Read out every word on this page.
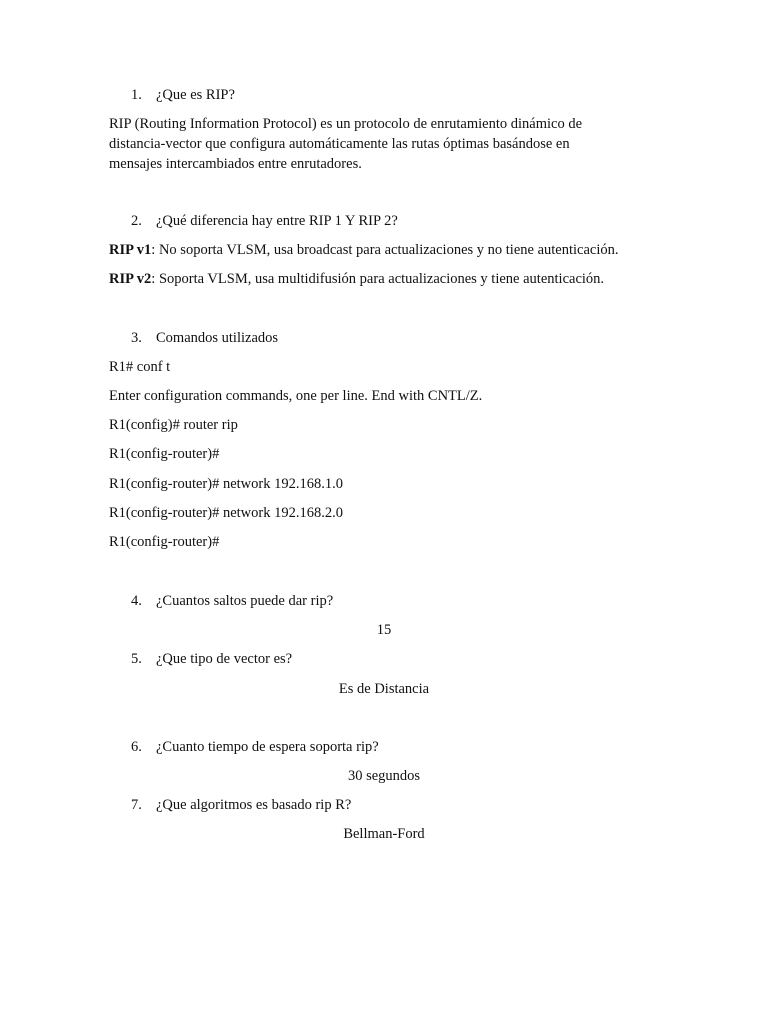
1. ¿Que es RIP?
RIP (Routing Information Protocol) es un protocolo de enrutamiento dinámico de
distancia-vector que configura automáticamente las rutas óptimas basándose en
mensajes intercambiados entre enrutadores.
2. ¿Qué diferencia hay entre RIP 1 Y RIP 2?
RIP v1: No soporta VLSM, usa broadcast para actualizaciones y no tiene autenticación.
RIP v2: Soporta VLSM, usa multidifusión para actualizaciones y tiene autenticación.
3. Comandos utilizados
R1# conf t
Enter configuration commands, one per line. End with CNTL/Z.
R1(config)# router rip
R1(config-router)#
R1(config-router)# network 192.168.1.0
R1(config-router)# network 192.168.2.0
R1(config-router)#
4. ¿Cuantos saltos puede dar rip?
15
5. ¿Que tipo de vector es?
Es de Distancia
6. ¿Cuanto tiempo de espera soporta rip?
30 segundos
7. ¿Que algoritmos es basado rip R?
Bellman-Ford
